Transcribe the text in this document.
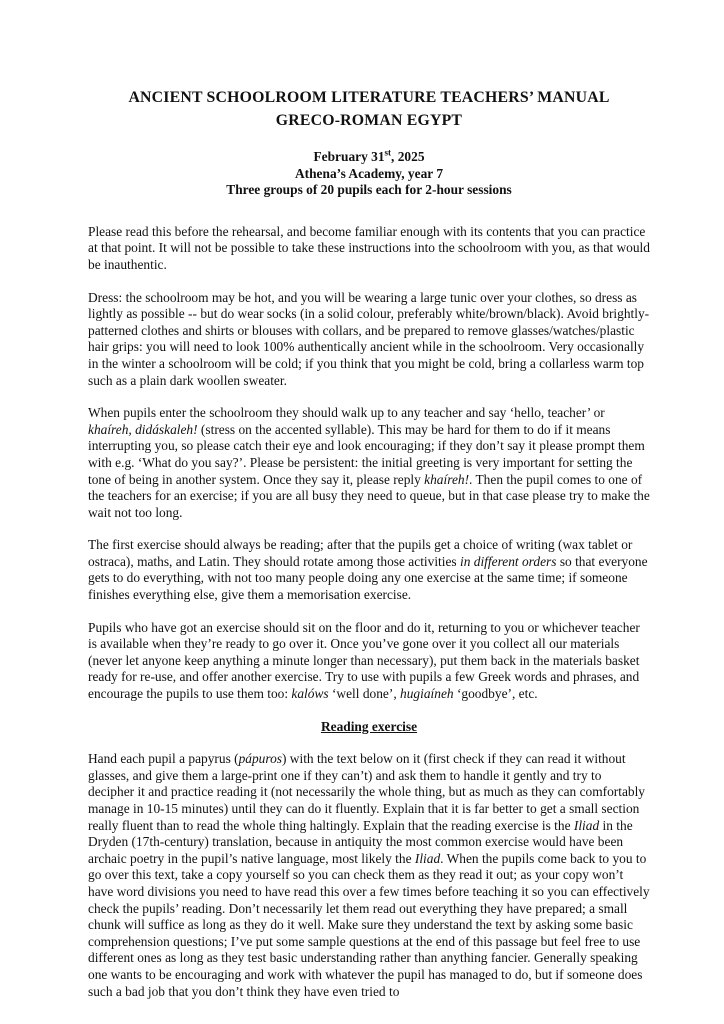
ANCIENT SCHOOLROOM LITERATURE TEACHERS’ MANUAL
GRECO-ROMAN EGYPT
February 31st, 2025
Athena’s Academy, year 7
Three groups of 20 pupils each for 2-hour sessions

Please read this before the rehearsal, and become familiar enough with its contents that you can practice at that point. It will not be possible to take these instructions into the schoolroom with you, as that would be inauthentic.

Dress: the schoolroom may be hot, and you will be wearing a large tunic over your clothes, so dress as lightly as possible -- but do wear socks (in a solid colour, preferably white/brown/black). Avoid brightly-patterned clothes and shirts or blouses with collars, and be prepared to remove glasses/watches/plastic hair grips: you will need to look 100% authentically ancient while in the schoolroom. Very occasionally in the winter a schoolroom will be cold; if you think that you might be cold, bring a collarless warm top such as a plain dark woollen sweater.

When pupils enter the schoolroom they should walk up to any teacher and say ‘hello, teacher’ or khaíreh, didáskaleh! (stress on the accented syllable). This may be hard for them to do if it means interrupting you, so please catch their eye and look encouraging; if they don’t say it please prompt them with e.g. ‘What do you say?’. Please be persistent: the initial greeting is very important for setting the tone of being in another system. Once they say it, please reply khaíreh!. Then the pupil comes to one of the teachers for an exercise; if you are all busy they need to queue, but in that case please try to make the wait not too long.

The first exercise should always be reading; after that the pupils get a choice of writing (wax tablet or ostraca), maths, and Latin. They should rotate among those activities in different orders so that everyone gets to do everything, with not too many people doing any one exercise at the same time; if someone finishes everything else, give them a memorisation exercise.

Pupils who have got an exercise should sit on the floor and do it, returning to you or whichever teacher is available when they’re ready to go over it. Once you’ve gone over it you collect all our materials (never let anyone keep anything a minute longer than necessary), put them back in the materials basket ready for re-use, and offer another exercise. Try to use with pupils a few Greek words and phrases, and encourage the pupils to use them too: kalóws ‘well done’, hugiaíneh ‘goodbye’, etc.

Reading exercise

Hand each pupil a papyrus (pápuros) with the text below on it (first check if they can read it without glasses, and give them a large-print one if they can’t) and ask them to handle it gently and try to decipher it and practice reading it (not necessarily the whole thing, but as much as they can comfortably manage in 10-15 minutes) until they can do it fluently. Explain that it is far better to get a small section really fluent than to read the whole thing haltingly. Explain that the reading exercise is the Iliad in the Dryden (17th-century) translation, because in antiquity the most common exercise would have been archaic poetry in the pupil’s native language, most likely the Iliad. When the pupils come back to you to go over this text, take a copy yourself so you can check them as they read it out; as your copy won’t have word divisions you need to have read this over a few times before teaching it so you can effectively check the pupils’ reading. Don’t necessarily let them read out everything they have prepared; a small chunk will suffice as long as they do it well. Make sure they understand the text by asking some basic comprehension questions; I’ve put some sample questions at the end of this passage but feel free to use different ones as long as they test basic understanding rather than anything fancier. Generally speaking one wants to be encouraging and work with whatever the pupil has managed to do, but if someone does such a bad job that you don’t think they have even tried to
